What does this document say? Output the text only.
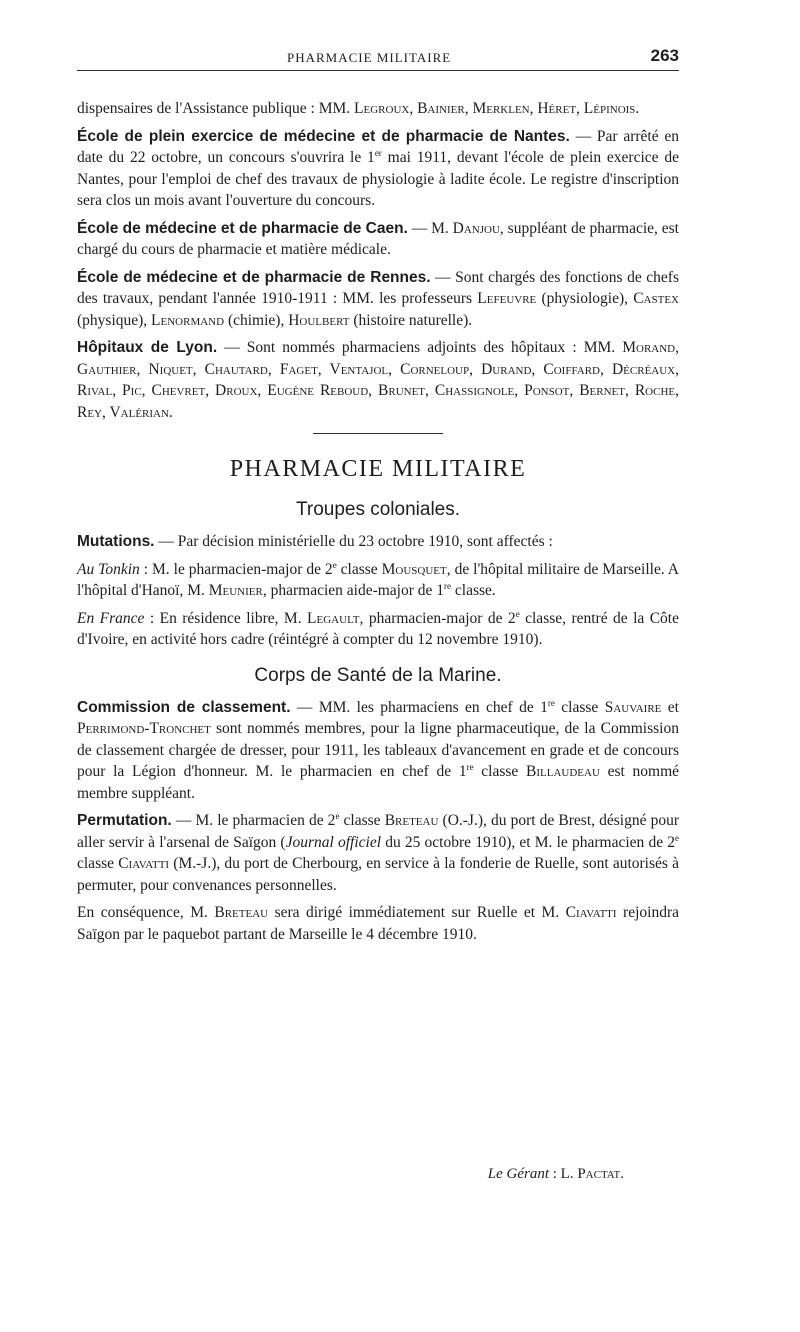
PHARMACIE MILITAIRE	263

dispensaires de l'Assistance publique : MM. Legroux, Bainier, Merklen, Héret, Lépinois.

École de plein exercice de médecine et de pharmacie de Nantes. — Par arrêté en date du 22 octobre, un concours s'ouvrira le 1er mai 1911, devant l'école de plein exercice de Nantes, pour l'emploi de chef des travaux de physiologie à ladite école. Le registre d'inscription sera clos un mois avant l'ouverture du concours.

École de médecine et de pharmacie de Caen. — M. Danjou, suppléant de pharmacie, est chargé du cours de pharmacie et matière médicale.

École de médecine et de pharmacie de Rennes. — Sont chargés des fonctions de chefs des travaux, pendant l'année 1910-1911 : MM. les professeurs Lefeuvre (physiologie), Castex (physique), Lenormand (chimie), Houlbert (histoire naturelle).

Hôpitaux de Lyon. — Sont nommés pharmaciens adjoints des hôpitaux : MM. Morand, Gauthier, Niquet, Chautard, Faget, Ventajol, Corneloup, Durand, Coiffard, Décréaux, Rival, Pic, Chevret, Droux, Eugène Reboud, Brunet, Chassignole, Ponsot, Bernet, Roche, Rey, Valérian.

PHARMACIE MILITAIRE
Troupes coloniales.

Mutations. — Par décision ministérielle du 23 octobre 1910, sont affectés :

Au Tonkin : M. le pharmacien-major de 2e classe Mousquet, de l'hôpital militaire de Marseille. A l'hôpital d'Hanoï, M. Meunier, pharmacien aide-major de 1re classe.

En France : En résidence libre, M. Legault, pharmacien-major de 2e classe, rentré de la Côte d'Ivoire, en activité hors cadre (réintégré à compter du 12 novembre 1910).

Corps de Santé de la Marine.

Commission de classement. — MM. les pharmaciens en chef de 1re classe Sauvaire et Perrimond-Tronchet sont nommés membres, pour la ligne pharmaceutique, de la Commission de classement chargée de dresser, pour 1911, les tableaux d'avancement en grade et de concours pour la Légion d'honneur. M. le pharmacien en chef de 1re classe Billaudeau est nommé membre suppléant.

Permutation. — M. le pharmacien de 2e classe Breteau (O.-J.), du port de Brest, désigné pour aller servir à l'arsenal de Saïgon (Journal officiel du 25 octobre 1910), et M. le pharmacien de 2e classe Ciavatti (M.-J.), du port de Cherbourg, en service à la fonderie de Ruelle, sont autorisés à permuter, pour convenances personnelles.

En conséquence, M. Breteau sera dirigé immédiatement sur Ruelle et M. Ciavatti rejoindra Saïgon par le paquebot partant de Marseille le 4 décembre 1910.

Le Gérant : L. Pactat.
